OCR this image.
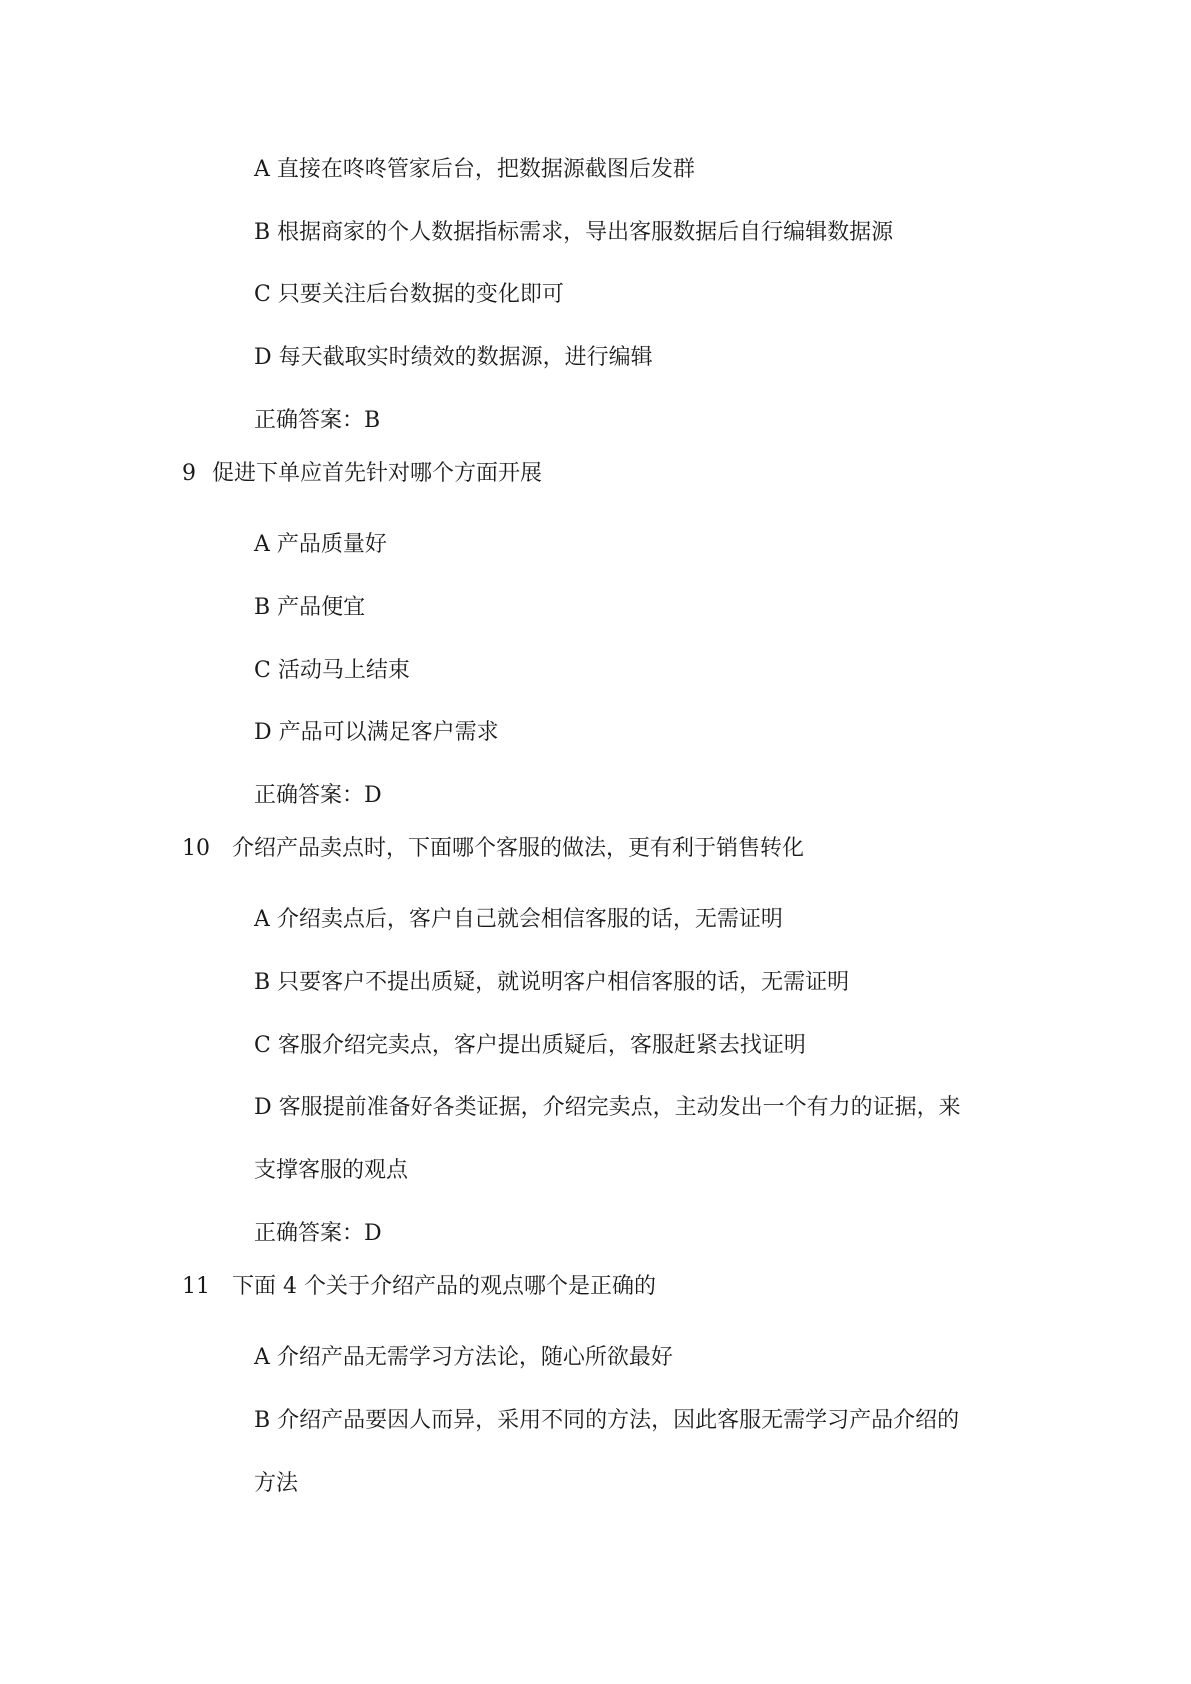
A 直接在咚咚管家后台，把数据源截图后发群
B 根据商家的个人数据指标需求，导出客服数据后自行编辑数据源
C 只要关注后台数据的变化即可
D 每天截取实时绩效的数据源，进行编辑
正确答案：B
9 促进下单应首先针对哪个方面开展
A 产品质量好
B 产品便宜
C 活动马上结束
D 产品可以满足客户需求
正确答案：D
10 介绍产品卖点时，下面哪个客服的做法，更有利于销售转化
A 介绍卖点后，客户自己就会相信客服的话，无需证明
B 只要客户不提出质疑，就说明客户相信客服的话，无需证明
C 客服介绍完卖点，客户提出质疑后，客服赶紧去找证明
D 客服提前准备好各类证据，介绍完卖点，主动发出一个有力的证据，来
支撑客服的观点
正确答案：D
11 下面 4 个关于介绍产品的观点哪个是正确的
A 介绍产品无需学习方法论，随心所欲最好
B 介绍产品要因人而异，采用不同的方法，因此客服无需学习产品介绍的
方法
